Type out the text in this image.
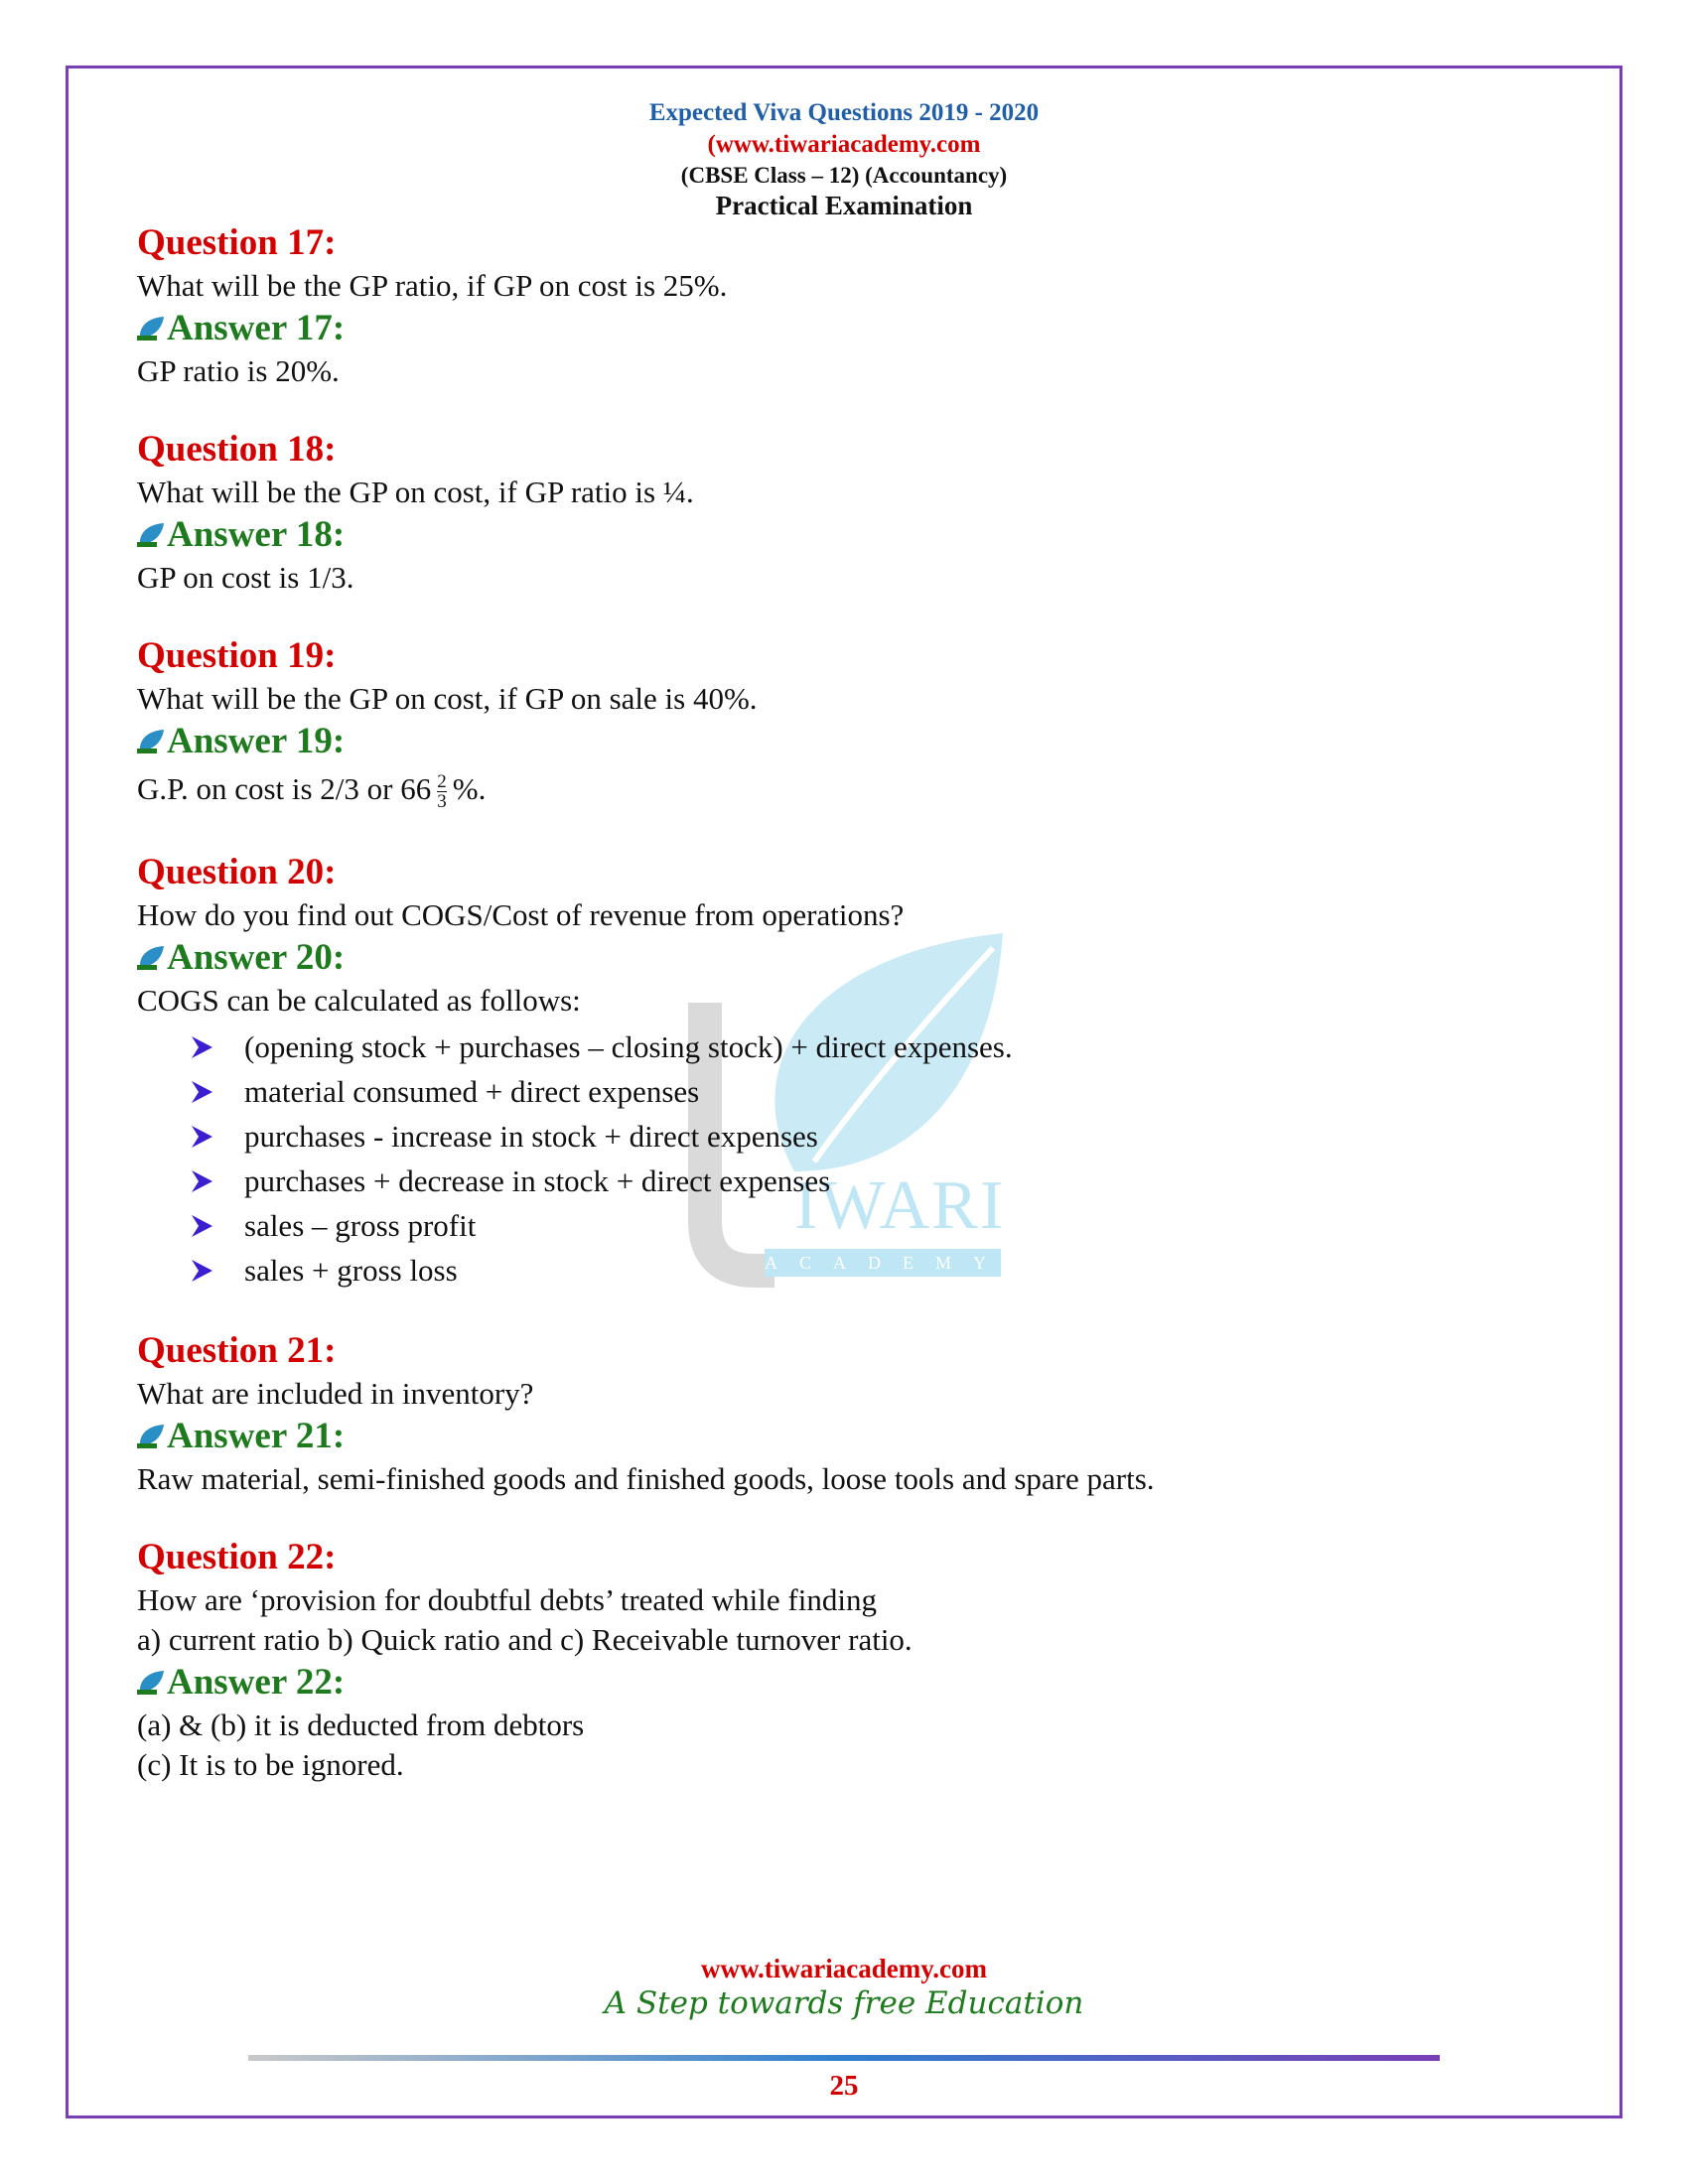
Expected Viva Questions 2019 - 2020
(www.tiwariacademy.com
(CBSE Class – 12) (Accountancy)
Practical Examination
IWARI
ACADEMY
Question 17:
What will be the GP ratio, if GP on cost is 25%.
Answer 17:
GP ratio is 20%.
Question 18:
What will be the GP on cost, if GP ratio is ¼.
Answer 18:
GP on cost is 1/3.
Question 19:
What will be the GP on cost, if GP on sale is 40%.
Answer 19:
G.P. on cost is 2/3 or $66 \frac{2}{3}$ %.
Question 20:
How do you find out COGS/Cost of revenue from operations?
Answer 20:
COGS can be calculated as follows:
(opening stock + purchases – closing stock) + direct expenses.
material consumed + direct expenses
purchases - increase in stock + direct expenses
purchases + decrease in stock + direct expenses
sales – gross profit
sales + gross loss
Question 21:
What are included in inventory?
Answer 21:
Raw material, semi-finished goods and finished goods, loose tools and spare parts.
Question 22:
How are ‘provision for doubtful debts’ treated while finding
a) current ratio b) Quick ratio and c) Receivable turnover ratio.
Answer 22:
(a) & (b) it is deducted from debtors
(c) It is to be ignored.
www.tiwariacademy.com
A Step towards free Education
25
